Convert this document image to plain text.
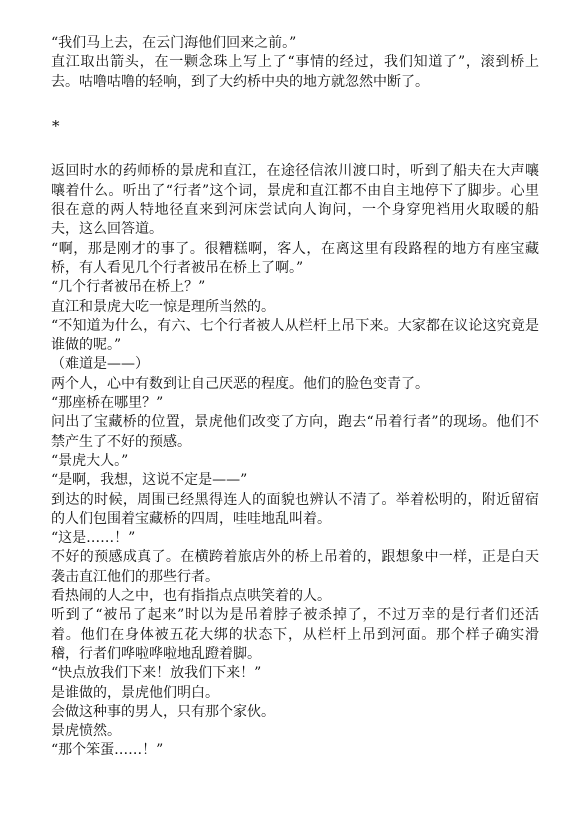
“我们马上去，在云门海他们回来之前。”

直江取出箭头，在一颗念珠上写上了“事情的经过，我们知道了”，滚到桥上去。咕噜咕噜的轻响，到了大约桥中央的地方就忽然中断了。

*

返回时水的药师桥的景虎和直江，在途径信浓川渡口时，听到了船夫在大声嚷嚷着什么。听出了“行者”这个词，景虎和直江都不由自主地停下了脚步。心里很在意的两人特地径直来到河床尝试向人询问，一个身穿兜裆用火取暖的船夫，这么回答道。

“啊，那是刚才的事了。很糟糕啊，客人，在离这里有段路程的地方有座宝藏桥，有人看见几个行者被吊在桥上了啊。”

“几个行者被吊在桥上？”

直江和景虎大吃一惊是理所当然的。

“不知道为什么，有六、七个行者被人从栏杆上吊下来。大家都在议论这究竟是谁做的呢。”

（难道是——）

两个人，心中有数到让自己厌恶的程度。他们的脸色变青了。

“那座桥在哪里？”

问出了宝藏桥的位置，景虎他们改变了方向，跑去“吊着行者”的现场。他们不禁产生了不好的预感。

“景虎大人。”

“是啊，我想，这说不定是——”

到达的时候，周围已经黑得连人的面貌也辨认不清了。举着松明的，附近留宿的人们包围着宝藏桥的四周，哇哇地乱叫着。

“这是……！”

不好的预感成真了。在横跨着旅店外的桥上吊着的，跟想象中一样，正是白天袭击直江他们的那些行者。

看热闹的人之中，也有指指点点哄笑着的人。

听到了“被吊了起来”时以为是吊着脖子被杀掉了，不过万幸的是行者们还活着。他们在身体被五花大绑的状态下，从栏杆上吊到河面。那个样子确实滑稽，行者们哗啦哗啦地乱蹬着脚。

“快点放我们下来！放我们下来！”

是谁做的，景虎他们明白。

会做这种事的男人，只有那个家伙。

景虎愤然。

“那个笨蛋……！”
